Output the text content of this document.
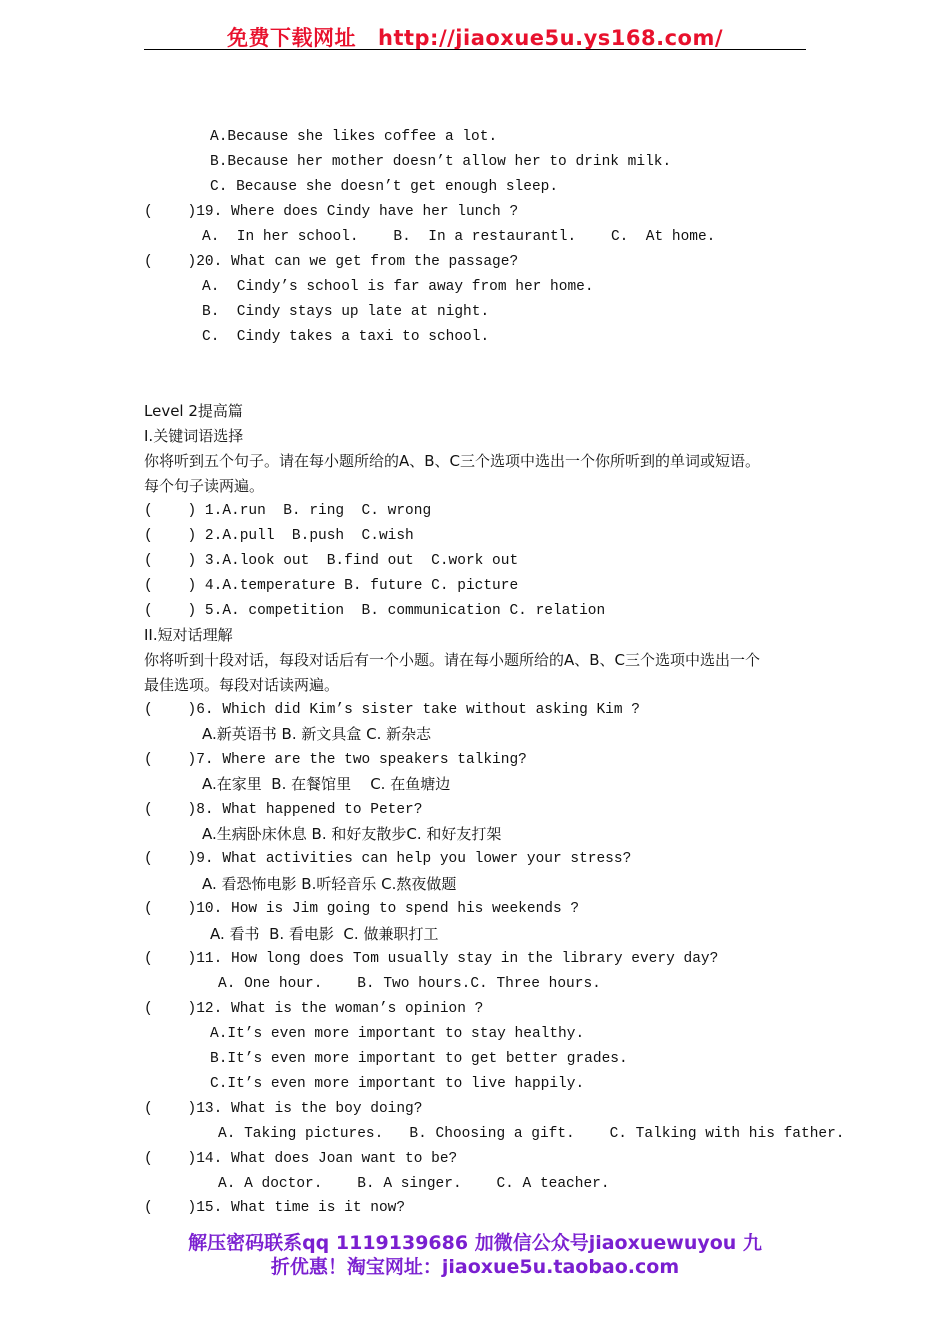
免费下载网址 http://jiaoxue5u.ys168.com/
A.Because she likes coffee a lot.
B.Because her mother doesn’t allow her to drink milk.
C. Because she doesn’t get enough sleep.
(    )19. Where does Cindy have her lunch ?
A.  In her school.    B.  In a restaurantl.    C.  At home.
(    )20. What can we get from the passage?
A.  Cindy’s school is far away from her home.
B.  Cindy stays up late at night.
C.  Cindy takes a taxi to school.
Level 2提高篇
I.关键词语选择
你将听到五个句子。请在每小题所给的A、B、C三个选项中选出一个你所听到的单词或短语。
每个句子读两遍。
(    ) 1.A.run  B. ring  C. wrong
(    ) 2.A.pull  B.push  C.wish
(    ) 3.A.look out  B.find out  C.work out
(    ) 4.A.temperature B. future C. picture
(    ) 5.A. competition  B. communication C. relation
II.短对话理解
你将听到十段对话，每段对话后有一个小题。请在每小题所给的A、B、C三个选项中选出一个
最佳选项。每段对话读两遍。
(    )6. Which did Kim’s sister take without asking Kim ?
A.新英语书 B. 新文具盒 C. 新杂志
(    )7. Where are the two speakers talking?
A.在家里  B. 在餐馆里    C. 在鱼塘边
(    )8. What happened to Peter?
A.生病卧床休息 B. 和好友散步C. 和好友打架
(    )9. What activities can help you lower your stress?
A. 看恐怖电影 B.听轻音乐 C.熬夜做题
(    )10. How is Jim going to spend his weekends ?
A. 看书  B. 看电影  C. 做兼职打工
(    )11. How long does Tom usually stay in the library every day?
A. One hour.    B. Two hours.C. Three hours.
(    )12. What is the woman’s opinion ?
A.It’s even more important to stay healthy.
B.It’s even more important to get better grades.
C.It’s even more important to live happily.
(    )13. What is the boy doing?
A. Taking pictures.   B. Choosing a gift.    C. Talking with his father.
(    )14. What does Joan want to be?
A. A doctor.    B. A singer.    C. A teacher.
(    )15. What time is it now?
解压密码联系qq 1119139686 加微信公众号jiaoxuewuyou 九
折优惠！淘宝网址：jiaoxue5u.taobao.com
